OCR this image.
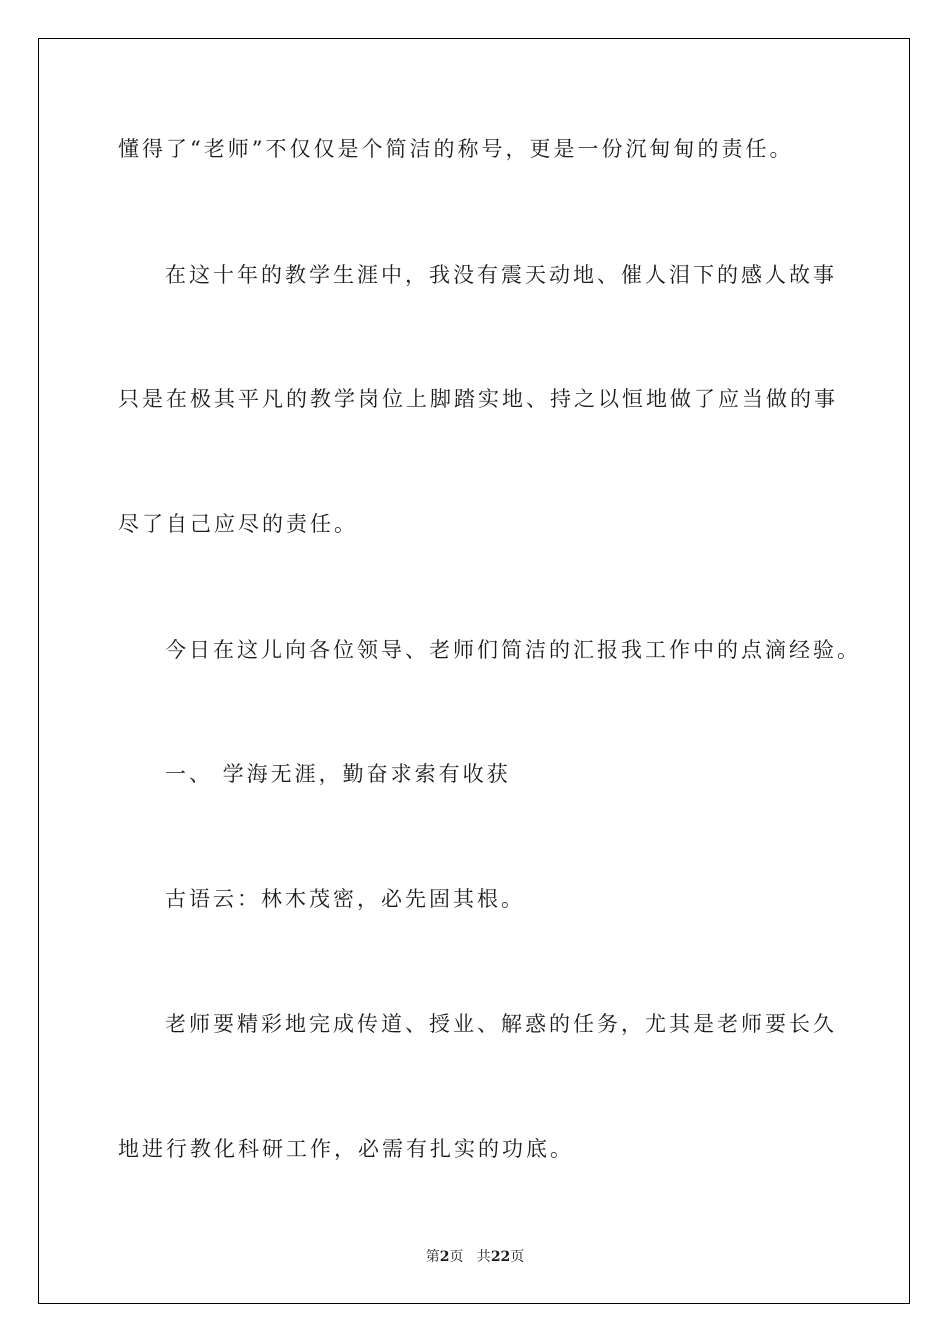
懂得了“老师”不仅仅是个简洁的称号，更是一份沉甸甸的责任。
在这十年的教学生涯中，我没有震天动地、催人泪下的感人故事
只是在极其平凡的教学岗位上脚踏实地、持之以恒地做了应当做的事
尽了自己应尽的责任。
今日在这儿向各位领导、老师们简洁的汇报我工作中的点滴经验。
一、 学海无涯，勤奋求索有收获
古语云：林木茂密，必先固其根。
老师要精彩地完成传道、授业、解惑的任务，尤其是老师要长久
地进行教化科研工作，必需有扎实的功底。
第2页   共22页
